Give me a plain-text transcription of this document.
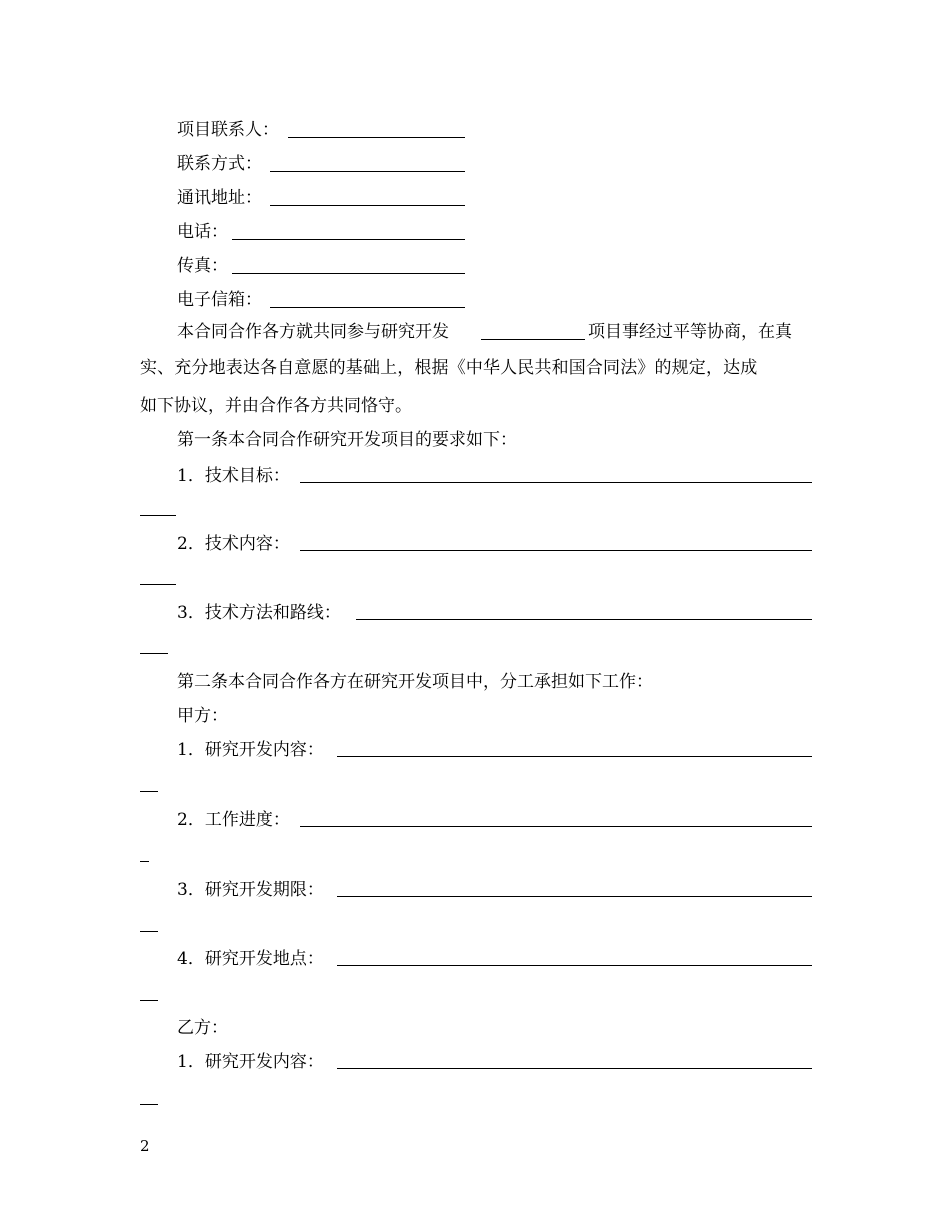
项目联系人：
联系方式：
通讯地址：
电话：
传真：
电子信箱：
本合同合作各方就共同参与研究开发	项目事经过平等协商，在真
实、充分地表达各自意愿的基础上，根据《中华人民共和国合同法》的规定，达成
如下协议，并由合作各方共同恪守。
第一条本合同合作研究开发项目的要求如下：
1．技术目标：
2．技术内容：
3．技术方法和路线：
第二条本合同合作各方在研究开发项目中，分工承担如下工作：
甲方：
1．研究开发内容：
2．工作进度：
3．研究开发期限：
4．研究开发地点：
乙方：
1．研究开发内容：
2
